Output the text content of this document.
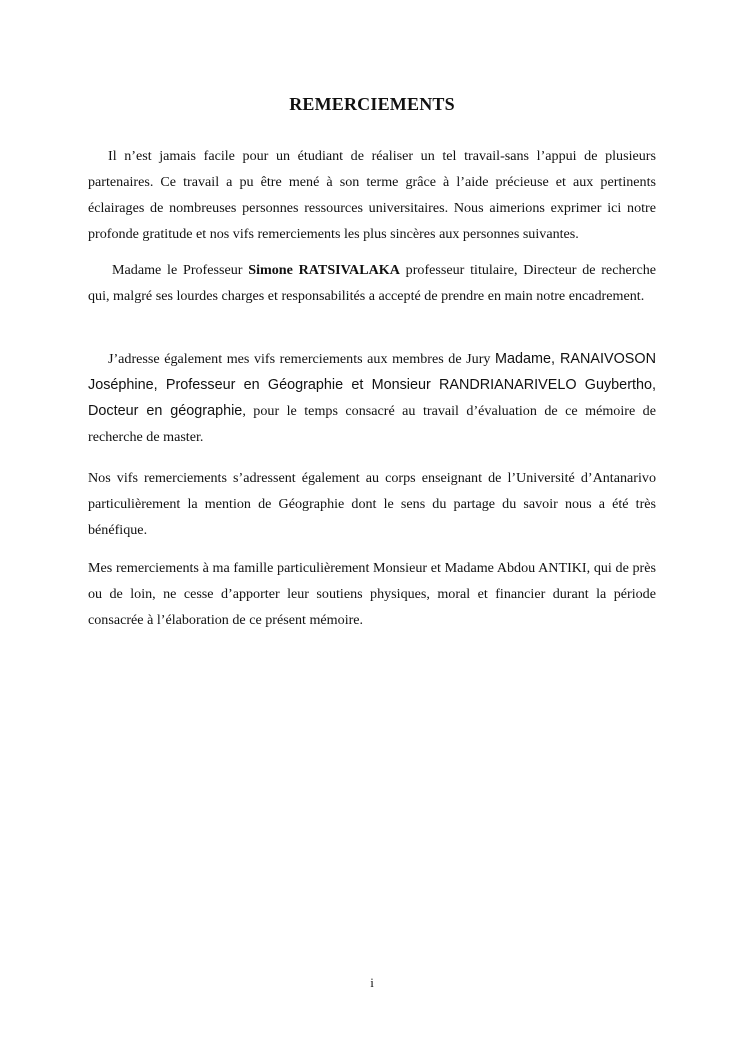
REMERCIEMENTS

Il n’est jamais facile pour un étudiant de réaliser un tel travail-sans l’appui de plusieurs partenaires. Ce travail a pu être mené à son terme grâce à l’aide précieuse et aux pertinents éclairages de nombreuses personnes ressources universitaires. Nous aimerions exprimer ici notre profonde gratitude et nos vifs remerciements les plus sincères aux personnes suivantes.

Madame le Professeur Simone RATSIVALAKA professeur titulaire, Directeur de recherche qui, malgré ses lourdes charges et responsabilités a accepté de prendre en main notre encadrement.

J’adresse également mes vifs remerciements aux membres de Jury Madame, RANAIVOSON Joséphine, Professeur en Géographie et Monsieur RANDRIANARIVELO Guybertho, Docteur en géographie, pour le temps consacré au travail d’évaluation de ce mémoire de recherche de master.

Nos vifs remerciements s’adressent également au corps enseignant de l’Université d’Antanarivo particulièrement la mention de Géographie dont le sens du partage du savoir nous a été très bénéfique.

Mes remerciements à ma famille particulièrement Monsieur et Madame Abdou ANTIKI, qui de près ou de loin, ne cesse d’apporter leur soutiens physiques, moral et financier durant la période consacrée à l’élaboration de ce présent mémoire.

i
